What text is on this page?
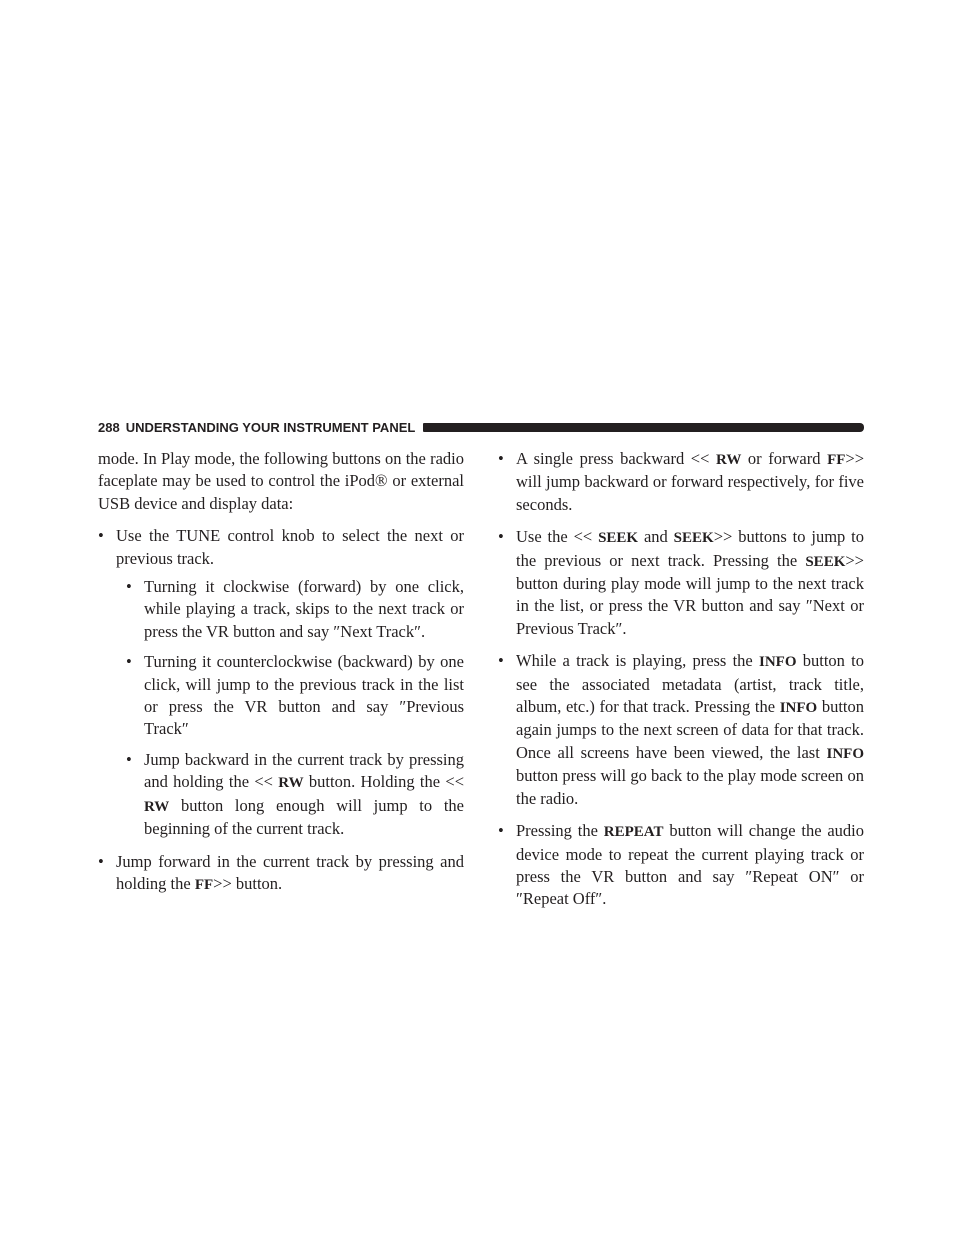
288 UNDERSTANDING YOUR INSTRUMENT PANEL

mode. In Play mode, the following buttons on the radio faceplate may be used to control the iPod® or external USB device and display data:

• Use the TUNE control knob to select the next or previous track.
• Turning it clockwise (forward) by one click, while playing a track, skips to the next track or press the VR button and say ″Next Track″.
• Turning it counterclockwise (backward) by one click, will jump to the previous track in the list or press the VR button and say ″Previous Track″
• Jump backward in the current track by pressing and holding the << RW button. Holding the << RW button long enough will jump to the beginning of the current track.
• Jump forward in the current track by pressing and holding the FF>> button.
• A single press backward << RW or forward FF>> will jump backward or forward respectively, for five seconds.
• Use the << SEEK and SEEK>> buttons to jump to the previous or next track. Pressing the SEEK>> button during play mode will jump to the next track in the list, or press the VR button and say ″Next or Previous Track″.
• While a track is playing, press the INFO button to see the associated metadata (artist, track title, album, etc.) for that track. Pressing the INFO button again jumps to the next screen of data for that track. Once all screens have been viewed, the last INFO button press will go back to the play mode screen on the radio.
• Pressing the REPEAT button will change the audio device mode to repeat the current playing track or press the VR button and say ″Repeat ON″ or ″Repeat Off″.
